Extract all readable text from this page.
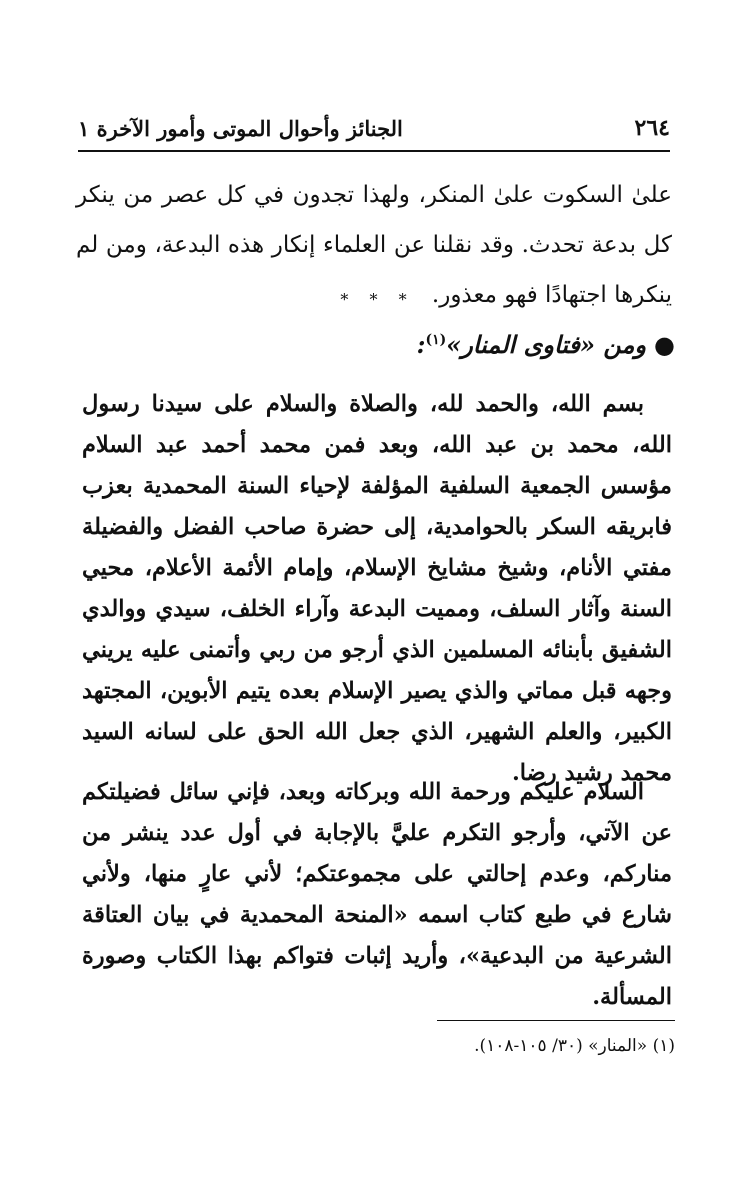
٢٦٤
الجنائز وأحوال الموتى وأمور الآخرة ١
علىٰ السكوت علىٰ المنكر، ولهذا تجدون في كل عصر من ينكر كل بدعة تحدث. وقد نقلنا عن العلماء إنكار هذه البدعة، ومن لم ينكرها اجتهادًا فهو معذور.
* * *
●ومن «فتاوى المنار»$^{(١)}$:
بسم الله، والحمد لله، والصلاة والسلام على سيدنا رسول الله، محمد بن عبد الله، وبعد فمن محمد أحمد عبد السلام مؤسس الجمعية السلفية المؤلفة لإحياء السنة المحمدية بعزب فابريقه السكر بالحوامدية، إلى حضرة صاحب الفضل والفضيلة مفتي الأنام، وشيخ مشايخ الإسلام، وإمام الأئمة الأعلام، محيي السنة وآثار السلف، ومميت البدعة وآراء الخلف، سيدي ووالدي الشفيق بأبنائه المسلمين الذي أرجو من ربي وأتمنى عليه يريني وجهه قبل مماتي والذي يصير الإسلام بعده يتيم الأبوين، المجتهد الكبير، والعلم الشهير، الذي جعل الله الحق على لسانه السيد محمد رشيد رضا.
السلام عليكم ورحمة الله وبركاته وبعد، فإني سائل فضيلتكم عن الآتي، وأرجو التكرم عليَّ بالإجابة في أول عدد ينشر من مناركم، وعدم إحالتي على مجموعتكم؛ لأني عارٍ منها، ولأني شارع في طبع كتاب اسمه «المنحة المحمدية في بيان العتاقة الشرعية من البدعية»، وأريد إثبات فتواكم بهذا الكتاب وصورة المسألة.
(١) «المنار» (٣٠/ ١٠٥-١٠٨).
